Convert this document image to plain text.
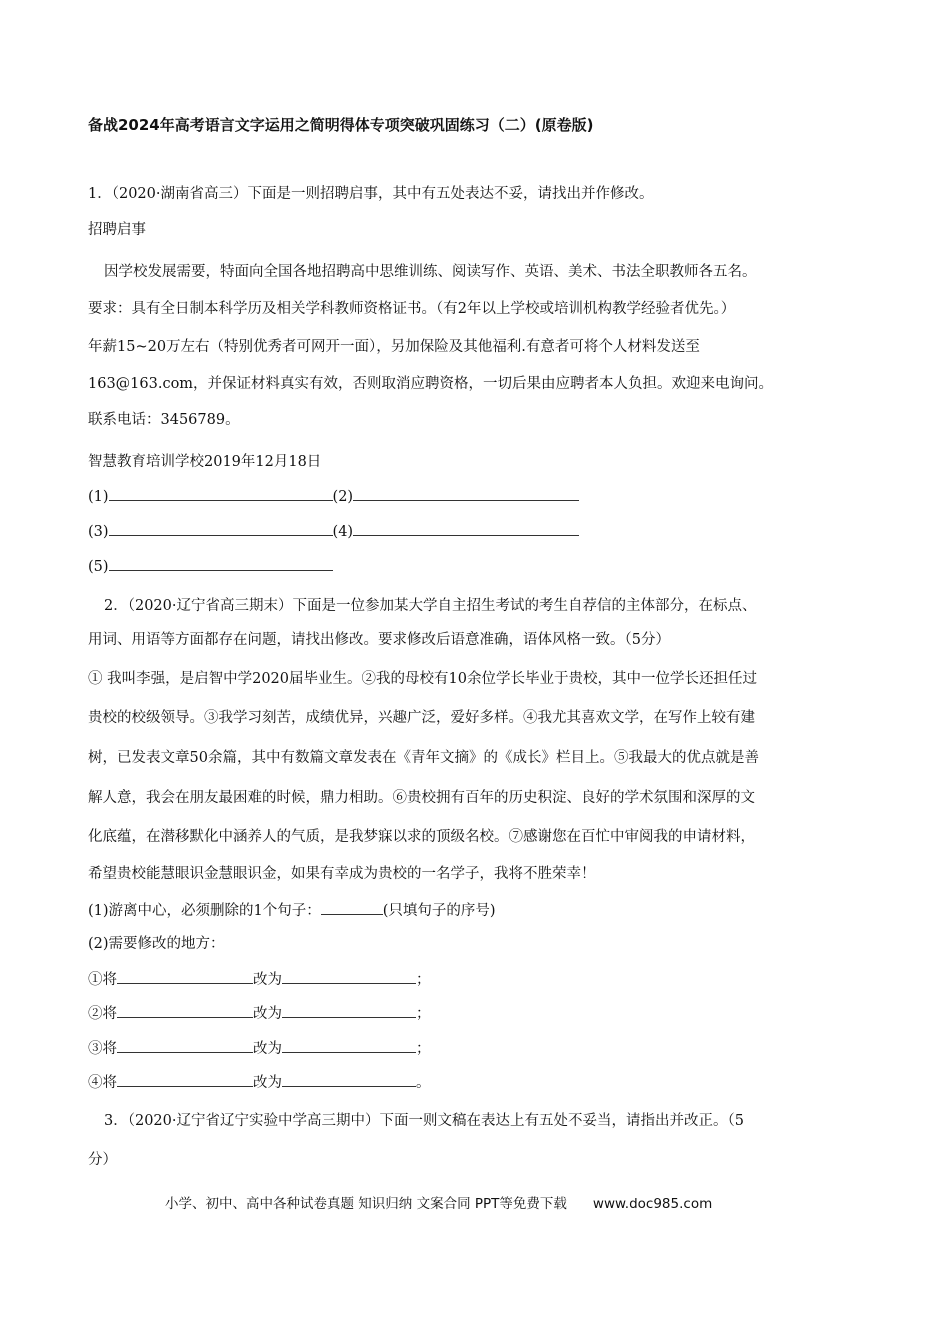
备战2024年高考语言文字运用之简明得体专项突破巩固练习（二）(原卷版)
1．（2020·湖南省高三）下面是一则招聘启事，其中有五处表达不妥，请找出并作修改。
招聘启事
因学校发展需要，特面向全国各地招聘高中思维训练、阅读写作、英语、美术、书法全职教师各五名。
要求：具有全日制本科学历及相关学科教师资格证书。（有2年以上学校或培训机构教学经验者优先。）
年薪15~20万左右（特别优秀者可网开一面），另加保险及其他福利.有意者可将个人材料发送至
163@163.com，并保证材料真实有效，否则取消应聘资格，一切后果由应聘者本人负担。欢迎来电询问。
联系电话：3456789。
智慧教育培训学校2019年12月18日
(1)	(2)
(3)	(4)
(5)
2．（2020·辽宁省高三期末）下面是一位参加某大学自主招生考试的考生自荐信的主体部分，在标点、
用词、用语等方面都存在问题，请找出修改。要求修改后语意准确，语体风格一致。（5分）
① 我叫李强，是启智中学2020届毕业生。②我的母校有10余位学长毕业于贵校，其中一位学长还担任过
贵校的校级领导。③我学习刻苦，成绩优异，兴趣广泛，爱好多样。④我尤其喜欢文学，在写作上较有建
树，已发表文章50余篇，其中有数篇文章发表在《青年文摘》的《成长》栏目上。⑤我最大的优点就是善
解人意，我会在朋友最困难的时候，鼎力相助。⑥贵校拥有百年的历史积淀、良好的学术氛围和深厚的文
化底蕴，在潜移默化中涵养人的气质，是我梦寐以求的顶级名校。⑦感谢您在百忙中审阅我的申请材料，
希望贵校能慧眼识金慧眼识金，如果有幸成为贵校的一名学子，我将不胜荣幸！
(1)游离中心，必须删除的1个句子：	(只填句子的序号)
(2)需要修改的地方：
①将	改为	；
②将	改为	；
③将	改为	；
④将	改为	。
3．（2020·辽宁省辽宁实验中学高三期中）下面一则文稿在表达上有五处不妥当，请指出并改正。（5
分）
小学、初中、高中各种试卷真题 知识归纳 文案合同 PPT等免费下载 www.doc985.com
